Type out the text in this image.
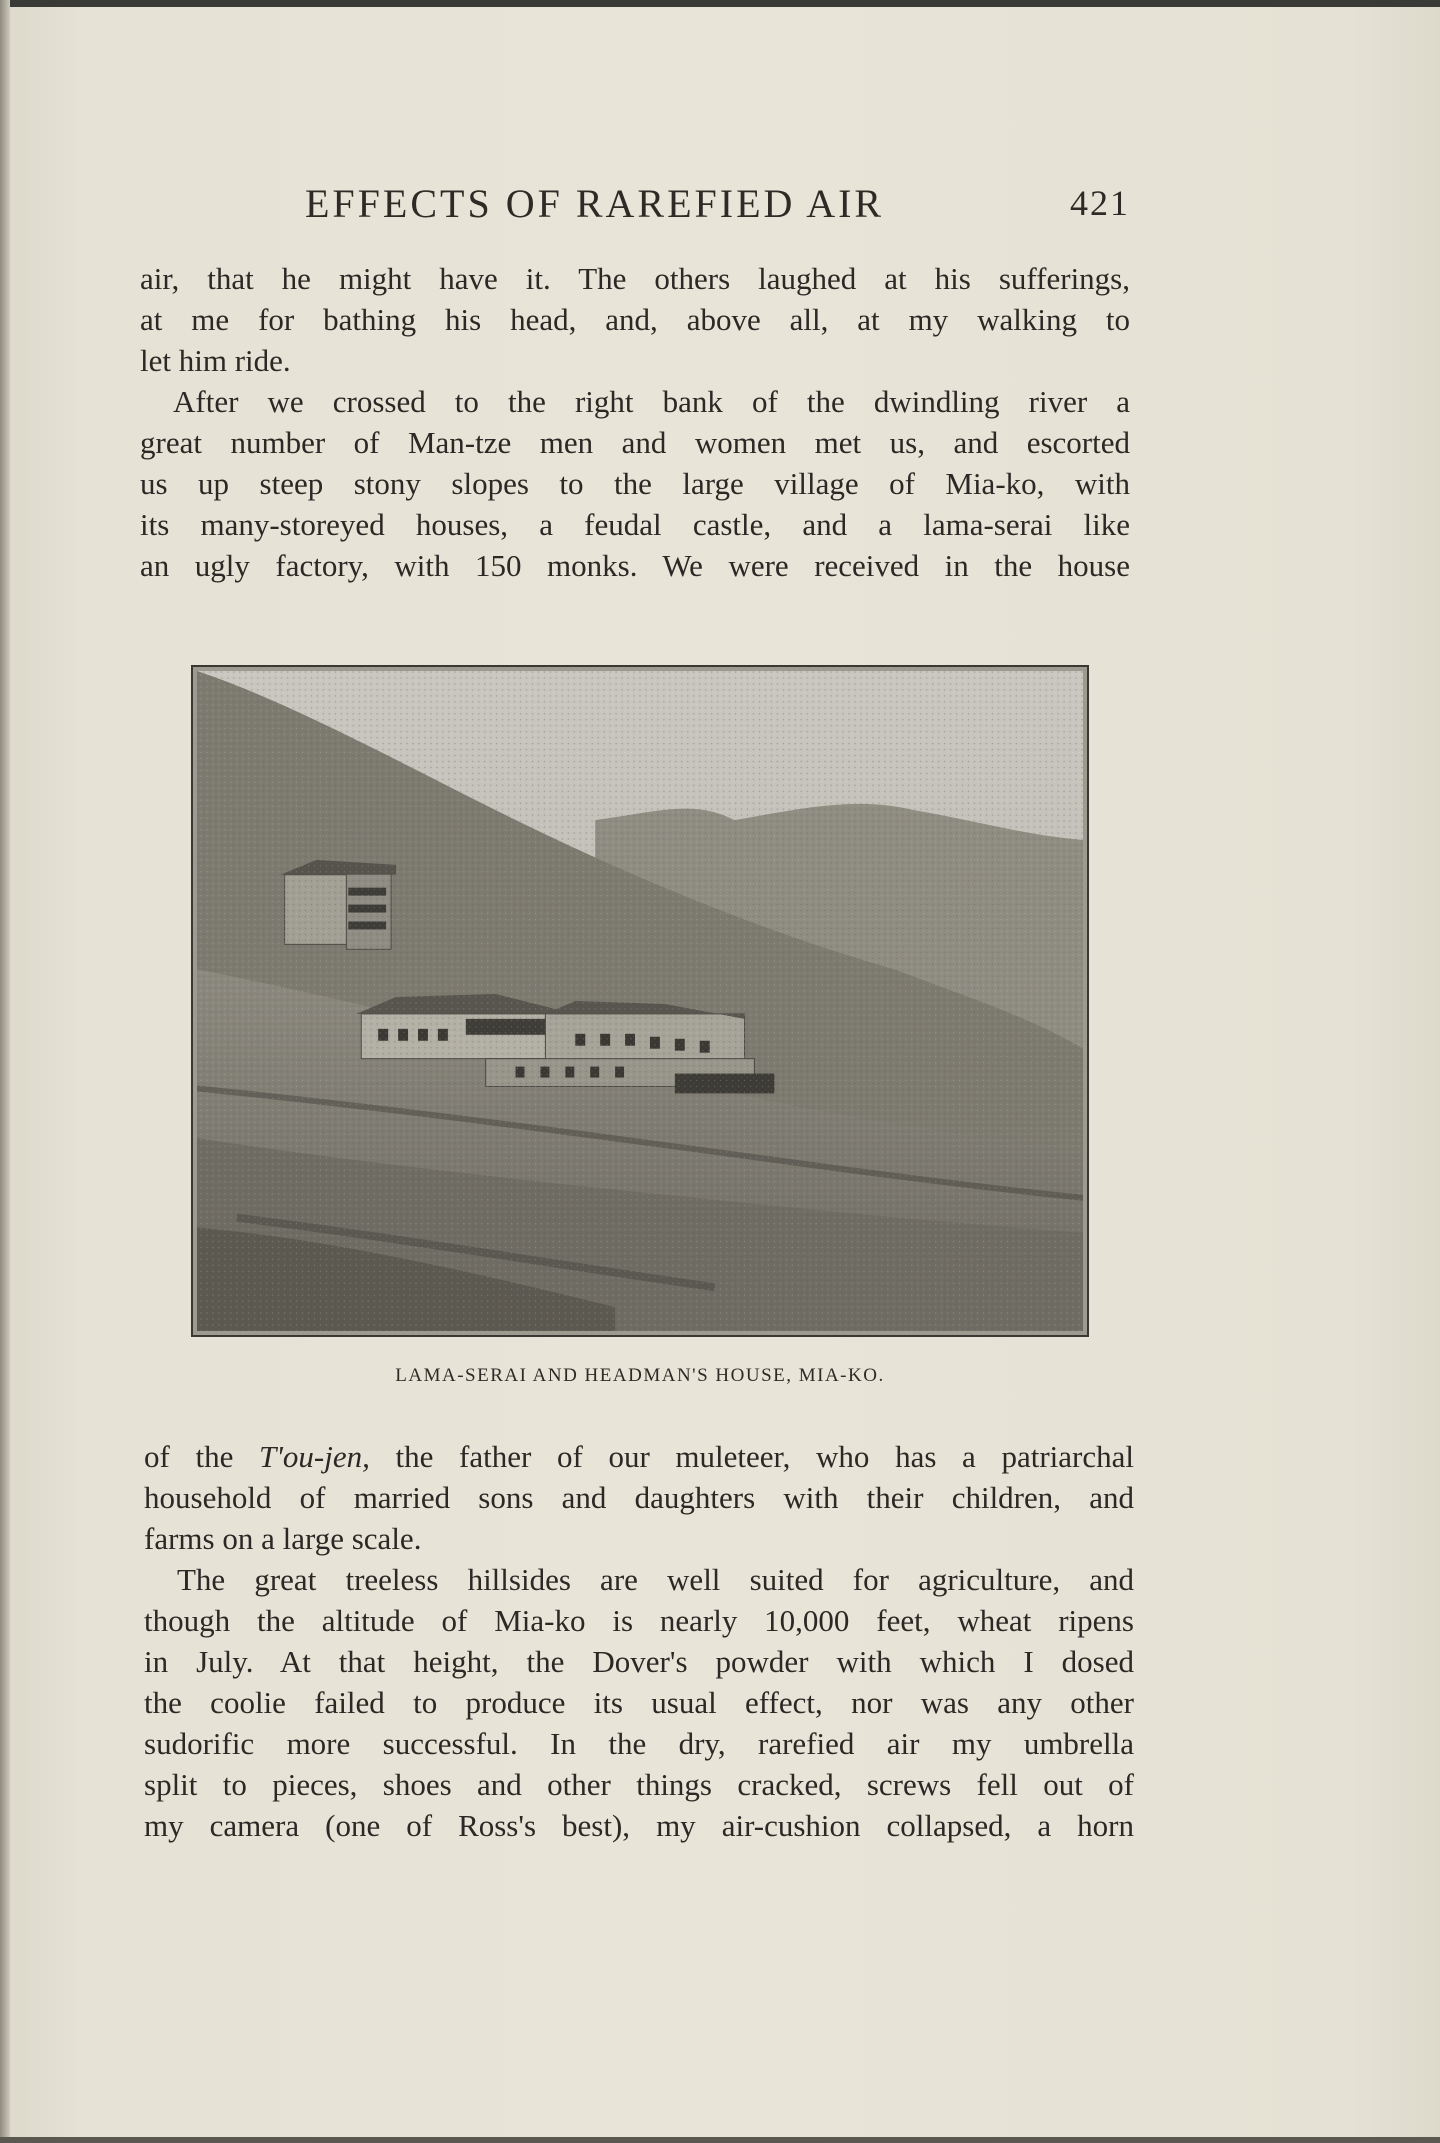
EFFECTS OF RAREFIED AIR	421
air, that he might have it. The others laughed at his sufferings,
at me for bathing his head, and, above all, at my walking to
let him ride.
After we crossed to the right bank of the dwindling river a
great number of Man-tze men and women met us, and escorted
us up steep stony slopes to the large village of Mia-ko, with
its many-storeyed houses, a feudal castle, and a lama-serai like
an ugly factory, with 150 monks. We were received in the house
LAMA-SERAI AND HEADMAN'S HOUSE, MIA-KO.
of the T'ou-jen, the father of our muleteer, who has a patriarchal
household of married sons and daughters with their children, and
farms on a large scale.
The great treeless hillsides are well suited for agriculture, and
though the altitude of Mia-ko is nearly 10,000 feet, wheat ripens
in July. At that height, the Dover's powder with which I dosed
the coolie failed to produce its usual effect, nor was any other
sudorific more successful. In the dry, rarefied air my umbrella
split to pieces, shoes and other things cracked, screws fell out of
my camera (one of Ross's best), my air-cushion collapsed, a horn
